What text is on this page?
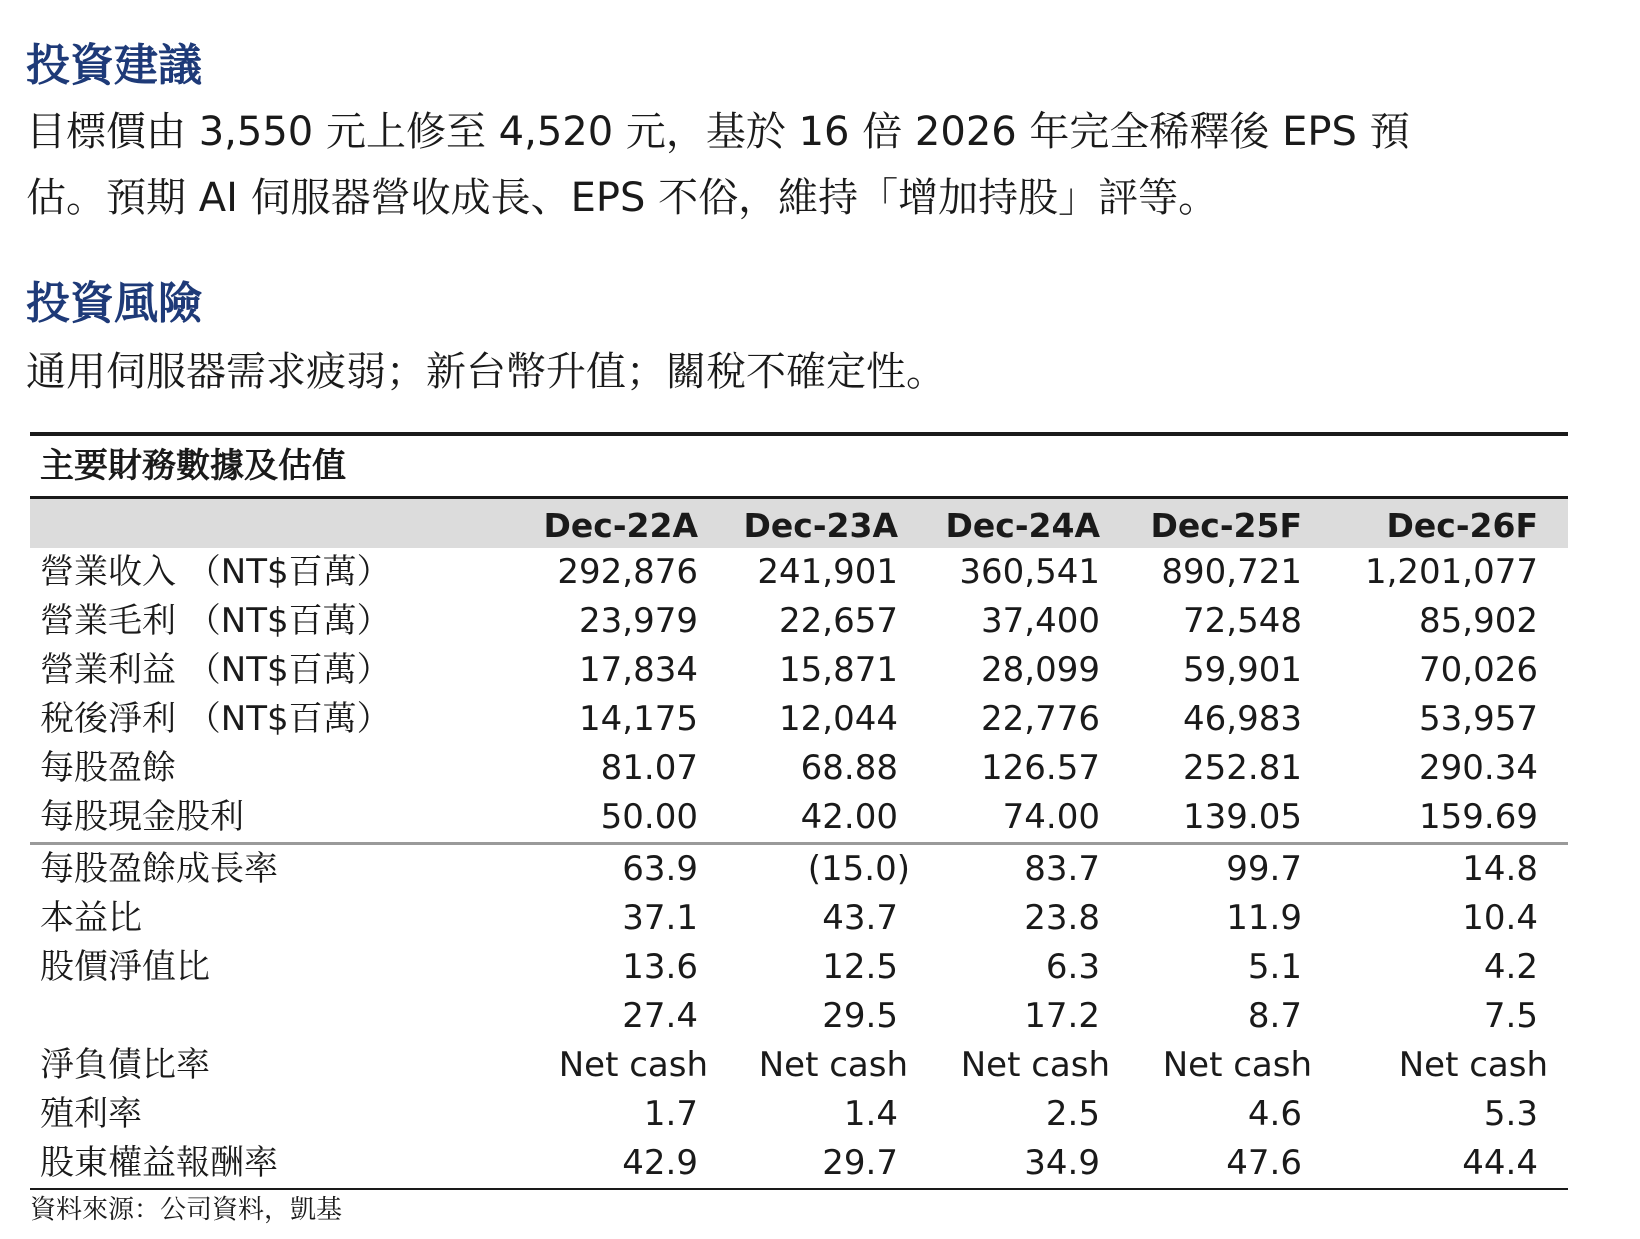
投資建議

目標價由 3,550 元上修至 4,520 元，基於 16 倍 2026 年完全稀釋後 EPS 預

估。預期 AI 伺服器營收成長、EPS 不俗，維持「增加持股」評等。

投資風險

通用伺服器需求疲弱；新台幣升值；關稅不確定性。

主要財務數據及估值
Dec-22A Dec-23A Dec-24A Dec-25F	Dec-26F
營業收入 （NT$百萬）	292,876 241,901 360,541 890,721 1,201,077
營業毛利 （NT$百萬）	23,979 22,657 37,400 72,548	85,902
營業利益 （NT$百萬）	17,834 15,871 28,099 59,901	70,026
稅後淨利 （NT$百萬）	14,175 12,044 22,776 46,983	53,957
每股盈餘	81.07	68.88 126.57 252.81	290.34
每股現金股利	50.00	42.00	74.00 139.05	159.69
每股盈餘成長率	63.9	(15.0)	83.7	99.7	14.8
本益比	37.1	43.7	23.8	11.9	10.4
股價淨值比	13.6	12.5	6.3	5.1	4.2
27.4	29.5	17.2	8.7	7.5
淨負債比率	Net cash Net cash Net cash Net cash	Net cash
殖利率	1.7	1.4	2.5	4.6	5.3
股東權益報酬率	42.9	29.7	34.9	47.6	44.4
資料來源：公司資料，凱基
